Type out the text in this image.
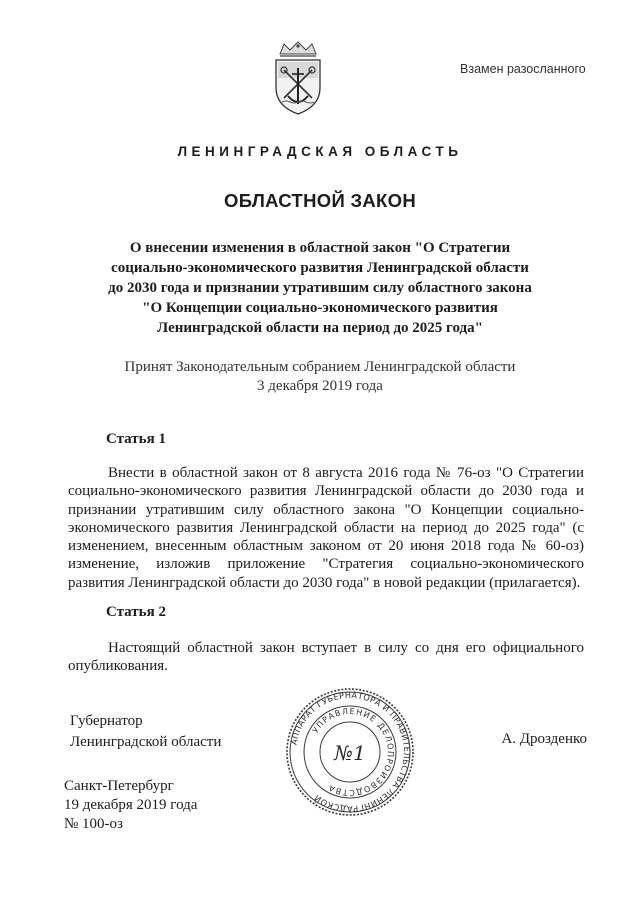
Взамен разосланного
ЛЕНИНГРАДСКАЯ ОБЛАСТЬ
ОБЛАСТНОЙ ЗАКОН
О внесении изменения в областной закон "О Стратегии
социально-экономического развития Ленинградской области
до 2030 года и признании утратившим силу областного закона
"О Концепции социально-экономического развития
Ленинградской области на период до 2025 года"
Принят Законодательным собранием Ленинградской области
3 декабря 2019 года
Статья 1
Внести в областной закон от 8 августа 2016 года № 76-оз "О Стратегии социально-экономического развития Ленинградской области до 2030 года и признании утратившим силу областного закона "О Концепции социально-экономического развития Ленинградской области на период до 2025 года" (с изменением, внесенным областным законом от 20 июня 2018 года № 60-оз) изменение, изложив приложение "Стратегия социально-экономического развития Ленинградской области до 2030 года" в новой редакции (прилагается).
Статья 2
Настоящий областной закон вступает в силу со дня его официального опубликования.
Губернатор
Ленинградской области	А. Дрозденко
АППАРАТ ГУБЕРНАТОРА И ПРАВИТЕЛЬСТВА ЛЕНИНГРАДСКОЙ
УПРАВЛЕНИЕ ДЕЛОПРОИЗВОДСТВА
№1
Санкт-Петербург
19 декабря 2019 года
№ 100-оз
